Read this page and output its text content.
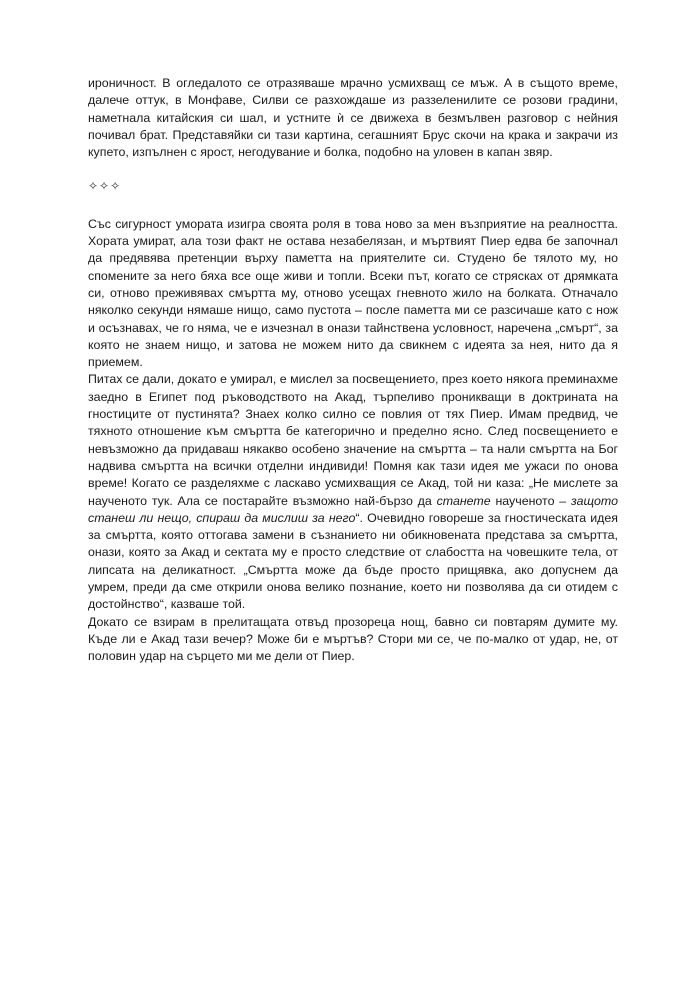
ироничност. В огледалото се отразяваше мрачно усмихващ се мъж. А в същото време, далече оттук, в Монфаве, Силви се разхождаше из раззеленилите се розови градини, наметнала китайския си шал, и устните ѝ се движеха в безмълвен разговор с нейния почивал брат. Представяйки си тази картина, сегашният Брус скочи на крака и закрачи из купето, изпълнен с ярост, негодувание и болка, подобно на уловен в капан звяр.

✧✧✧

Със сигурност умората изигра своята роля в това ново за мен възприятие на реалността. Хората умират, ала този факт не остава незабелязан, и мъртвият Пиер едва бе започнал да предявява претенции върху паметта на приятелите си. Студено бе тялото му, но спомените за него бяха все още живи и топли. Всеки път, когато се стрясках от дрямката си, отново преживявах смъртта му, отново усещах гневното жило на болката. Отначало няколко секунди нямаше нищо, само пустота – после паметта ми се разсичаше като с нож и осъзнавах, че го няма, че е изчезнал в онази тайнствена условност, наречена „смърт“, за която не знаем нищо, и затова не можем нито да свикнем с идеята за нея, нито да я приемем.

Питах се дали, докато е умирал, е мислел за посвещението, през което някога преминахме заедно в Египет под ръководството на Акад, търпеливо проникващи в доктрината на гностиците от пустинята? Знаех колко силно се повлия от тях Пиер. Имам предвид, че тяхното отношение към смъртта бе категорично и пределно ясно. След посвещението е невъзможно да придаваш някакво особено значение на смъртта – та нали смъртта на Бог надвива смъртта на всички отделни индивиди! Помня как тази идея ме ужаси по онова време! Когато се разделяхме с ласкаво усмихващия се Акад, той ни каза: „Не мислете за наученото тук. Ала се постарайте възможно най-бързо да станете наученото – защото станеш ли нещо, спираш да мислиш за него“. Очевидно говореше за гностическата идея за смъртта, която оттогава замени в съзнанието ни обикновената представа за смъртта, онази, която за Акад и сектата му е просто следствие от слабостта на човешките тела, от липсата на деликатност. „Смъртта може да бъде просто прищявка, ако допуснем да умрем, преди да сме открили онова велико познание, което ни позволява да си отидем с достойнство“, казваше той.

Докато се взирам в прелитащата отвъд прозореца нощ, бавно си повтарям думите му. Къде ли е Акад тази вечер? Може би е мъртъв? Стори ми се, че по-малко от удар, не, от половин удар на сърцето ми ме дели от Пиер.
